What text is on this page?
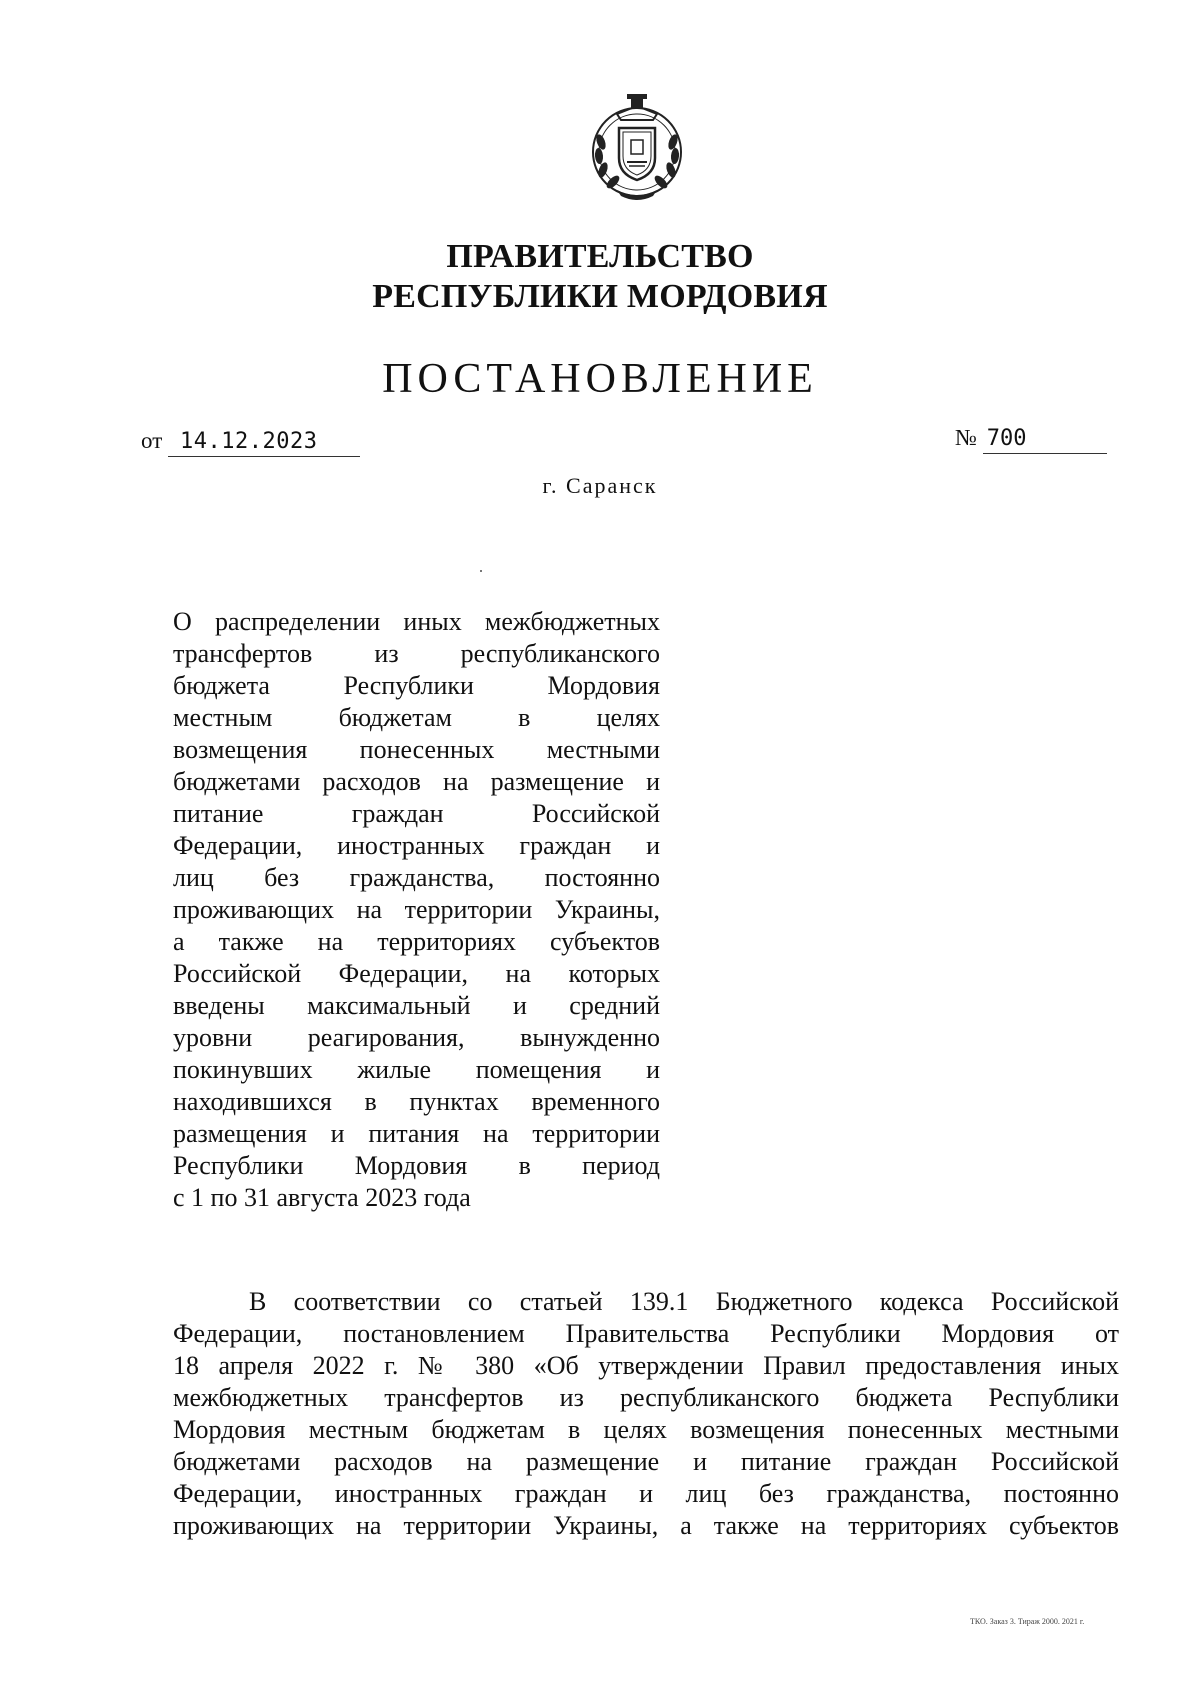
ПРАВИТЕЛЬСТВО
РЕСПУБЛИКИ МОРДОВИЯ
ПОСТАНОВЛЕНИЕ
от 14.12.2023	№ 700
г. Саранск
О распределении иных межбюджетных
трансфертов из республиканского
бюджета Республики Мордовия
местным бюджетам в целях
возмещения понесенных местными
бюджетами расходов на размещение и
питание граждан Российской
Федерации, иностранных граждан и
лиц без гражданства, постоянно
проживающих на территории Украины,
а также на территориях субъектов
Российской Федерации, на которых
введены максимальный и средний
уровни реагирования, вынужденно
покинувших жилые помещения и
находившихся в пунктах временного
размещения и питания на территории
Республики Мордовия в период
с 1 по 31 августа 2023 года
В соответствии со статьей 139.1 Бюджетного кодекса Российской
Федерации, постановлением Правительства Республики Мордовия от
18 апреля 2022 г. № 380 «Об утверждении Правил предоставления иных
межбюджетных трансфертов из республиканского бюджета Республики
Мордовия местным бюджетам в целях возмещения понесенных местными
бюджетами расходов на размещение и питание граждан Российской
Федерации, иностранных граждан и лиц без гражданства, постоянно
проживающих на территории Украины, а также на территориях субъектов
ТКО. Заказ 3. Тираж 2000. 2021 г.
